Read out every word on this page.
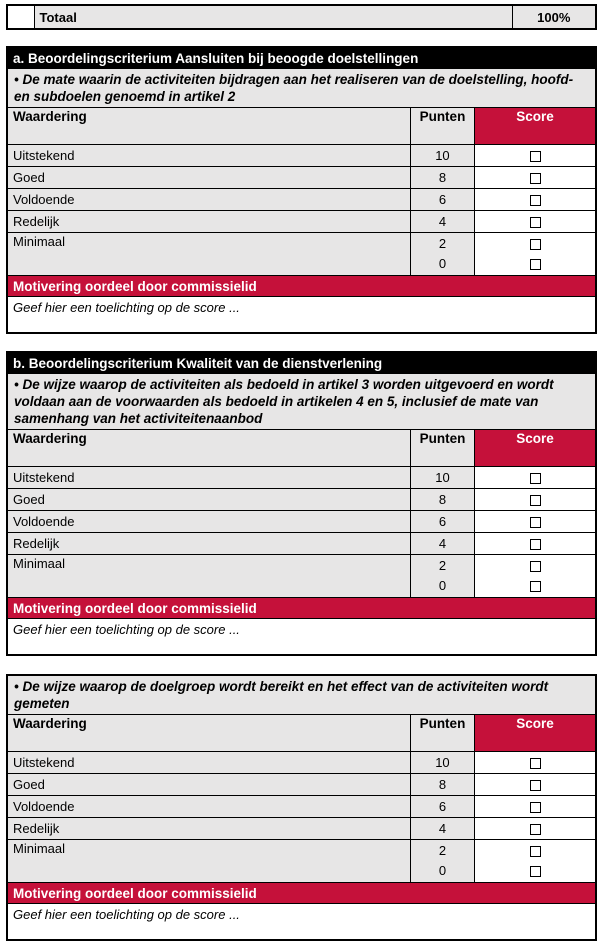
	Totaal	100%
a. Beoordelingscriterium Aansluiten bij beoogde doelstellingen		
• De mate waarin de activiteiten bijdragen aan het realiseren van de doelstelling, hoofd- en subdoelen genoemd in artikel 2		
Waardering	Punten	Score
Uitstekend	10	
Goed	8	
Voldoende	6	
Redelijk	4	
Minimaal	2
0	

Motivering oordeel door commissielid		
Geef hier een toelichting op de score ...		
b. Beoordelingscriterium Kwaliteit van de dienstverlening		
• De wijze waarop de activiteiten als bedoeld in artikel 3 worden uitgevoerd en wordt voldaan aan de voorwaarden als bedoeld in artikelen 4 en 5, inclusief de mate van samenhang van het activiteitenaanbod		
Waardering	Punten	Score
Uitstekend	10	
Goed	8	
Voldoende	6	
Redelijk	4	
Minimaal	2
0	

Motivering oordeel door commissielid		
Geef hier een toelichting op de score ...		
• De wijze waarop de doelgroep wordt bereikt en het effect van de activiteiten wordt gemeten		
Waardering	Punten	Score
Uitstekend	10	
Goed	8	
Voldoende	6	
Redelijk	4	
Minimaal	2
0	

Motivering oordeel door commissielid		
Geef hier een toelichting op de score ...		
